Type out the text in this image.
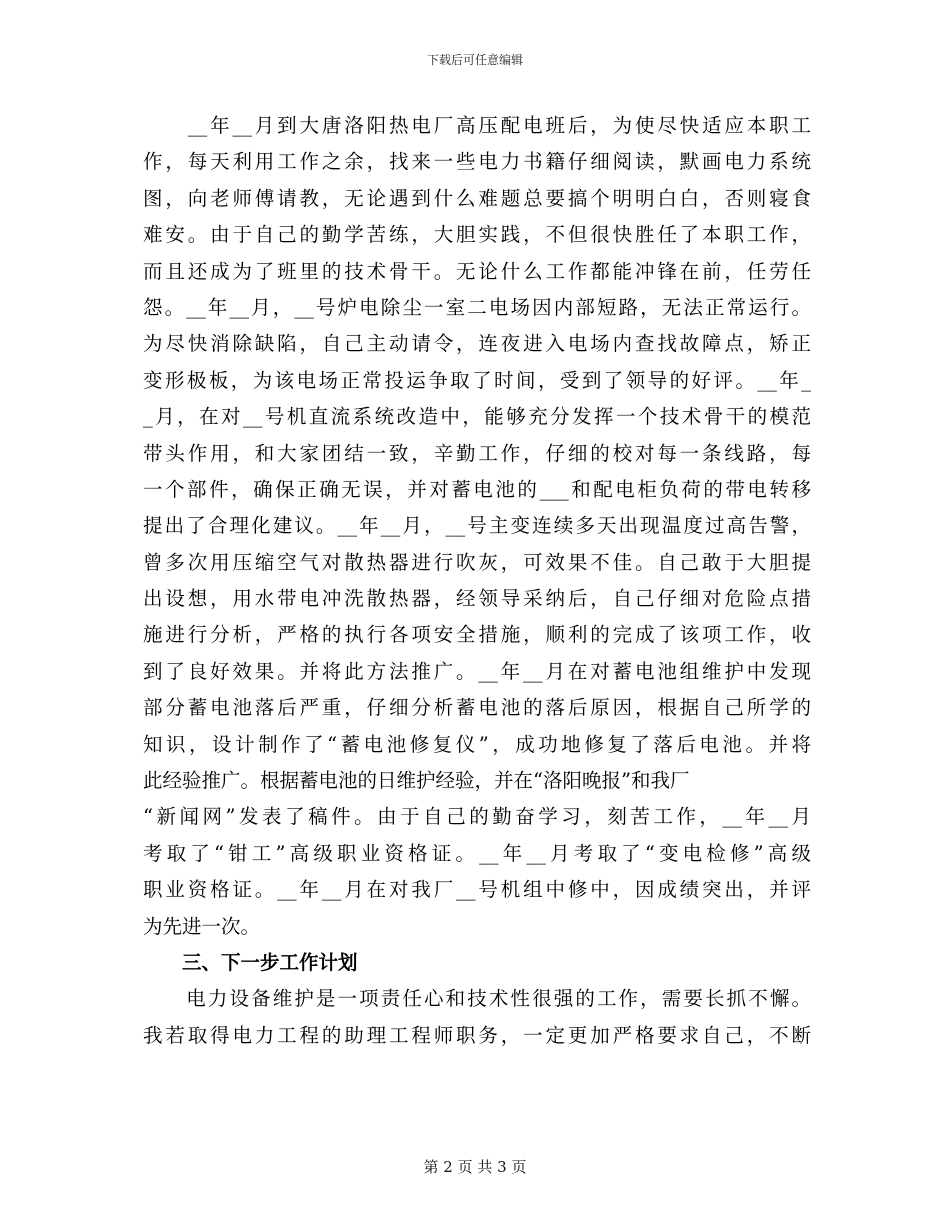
下载后可任意编辑
　　__年__月到大唐洛阳热电厂高压配电班后，为使尽快适应本职工
作，每天利用工作之余，找来一些电力书籍仔细阅读，默画电力系统
图，向老师傅请教，无论遇到什么难题总要搞个明明白白，否则寝食
难安。由于自己的勤学苦练，大胆实践，不但很快胜任了本职工作，
而且还成为了班里的技术骨干。无论什么工作都能冲锋在前，任劳任
怨。__年__月，__号炉电除尘一室二电场因内部短路，无法正常运行。
为尽快消除缺陷，自己主动请令，连夜进入电场内查找故障点，矫正
变形极板，为该电场正常投运争取了时间，受到了领导的好评。__年_
_月，在对__号机直流系统改造中，能够充分发挥一个技术骨干的模范
带头作用，和大家团结一致，辛勤工作，仔细的校对每一条线路，每
一个部件，确保正确无误，并对蓄电池的___和配电柜负荷的带电转移
提出了合理化建议。__年__月，__号主变连续多天出现温度过高告警，
曾多次用压缩空气对散热器进行吹灰，可效果不佳。自己敢于大胆提
出设想，用水带电冲洗散热器，经领导采纳后，自己仔细对危险点措
施进行分析，严格的执行各项安全措施，顺利的完成了该项工作，收
到了良好效果。并将此方法推广。__年__月在对蓄电池组维护中发现
部分蓄电池落后严重，仔细分析蓄电池的落后原因，根据自己所学的
知识，设计制作了“蓄电池修复仪”，成功地修复了落后电池。并将
此经验推广。根据蓄电池的日维护经验，并在“洛阳晚报”和我厂
“新闻网”发表了稿件。由于自己的勤奋学习，刻苦工作，__年__月
考取了“钳工”高级职业资格证。__年__月考取了“变电检修”高级
职业资格证。__年__月在对我厂__号机组中修中，因成绩突出，并评
为先进一次。
　　三、下一步工作计划
　　电力设备维护是一项责任心和技术性很强的工作，需要长抓不懈。
我若取得电力工程的助理工程师职务，一定更加严格要求自己，不断
第 2 页 共 3 页
